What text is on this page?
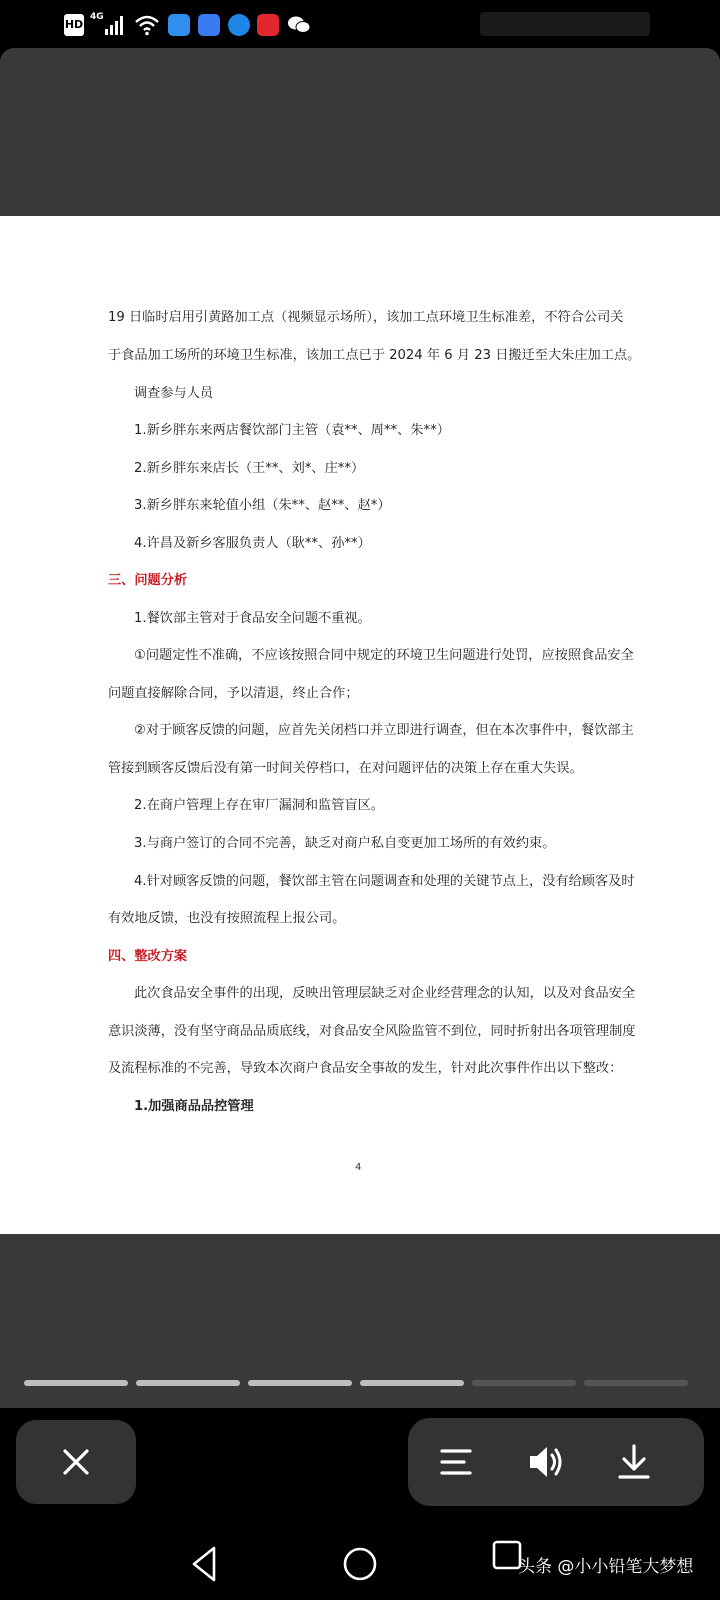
HD
4G
19 日临时启用引黄路加工点（视频显示场所），该加工点环境卫生标准差，不符合公司关
于食品加工场所的环境卫生标准，该加工点已于 2024 年 6 月 23 日搬迁至大朱庄加工点。
调查参与人员
1.新乡胖东来两店餐饮部门主管（袁**、周**、朱**）
2.新乡胖东来店长（王**、刘*、庄**）
3.新乡胖东来轮值小组（朱**、赵**、赵*）
4.许昌及新乡客服负责人（耿**、孙**）
三、问题分析
1.餐饮部主管对于食品安全问题不重视。
①问题定性不准确，不应该按照合同中规定的环境卫生问题进行处罚，应按照食品安全
问题直接解除合同，予以清退，终止合作；
②对于顾客反馈的问题，应首先关闭档口并立即进行调查，但在本次事件中，餐饮部主
管接到顾客反馈后没有第一时间关停档口，在对问题评估的决策上存在重大失误。
2.在商户管理上存在审厂漏洞和监管盲区。
3.与商户签订的合同不完善，缺乏对商户私自变更加工场所的有效约束。
4.针对顾客反馈的问题，餐饮部主管在问题调查和处理的关键节点上，没有给顾客及时
有效地反馈，也没有按照流程上报公司。
四、整改方案
此次食品安全事件的出现，反映出管理层缺乏对企业经营理念的认知，以及对食品安全
意识淡薄，没有坚守商品品质底线，对食品安全风险监管不到位，同时折射出各项管理制度
及流程标准的不完善，导致本次商户食品安全事故的发生，针对此次事件作出以下整改：
1.加强商品品控管理
4
头条 @小小铅笔大梦想
